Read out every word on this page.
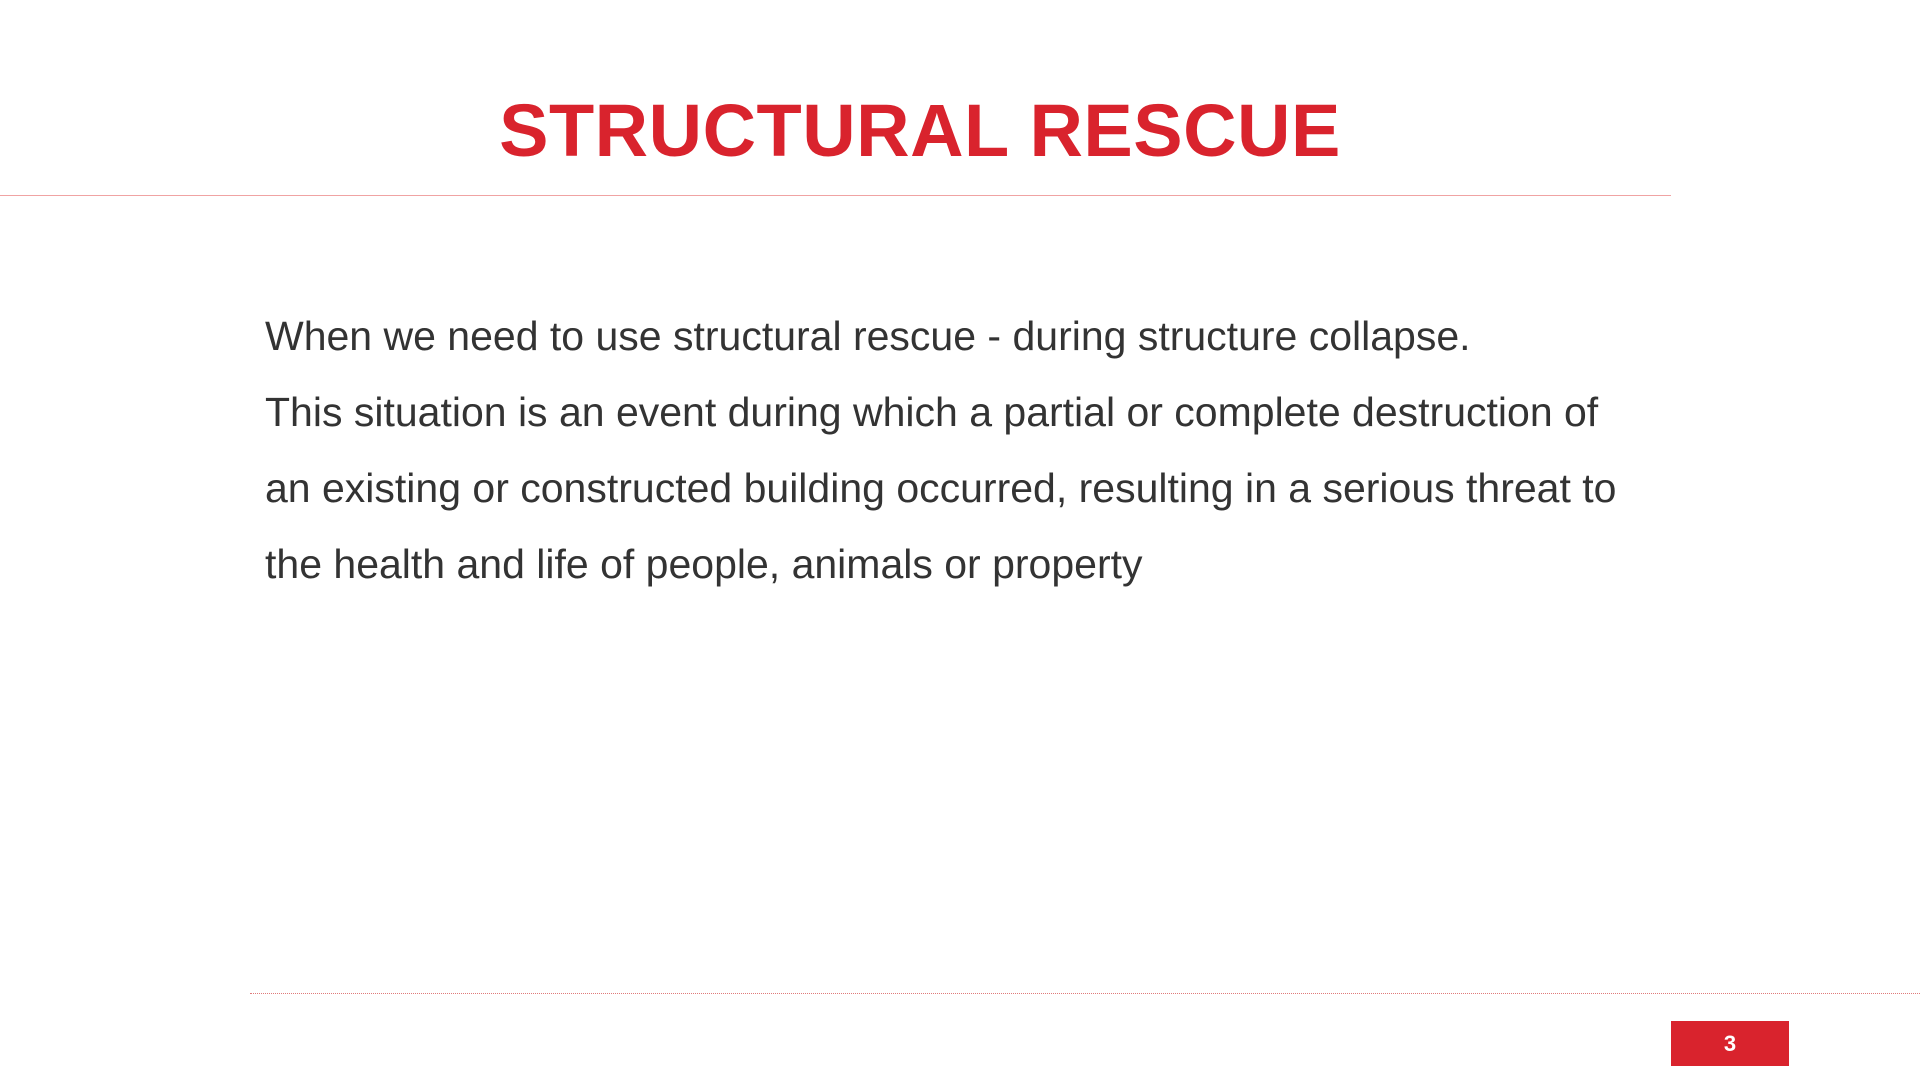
STRUCTURAL RESCUE
When we need to use structural rescue - during structure collapse.
This situation is an event during which a partial or complete destruction of
an existing or constructed building occurred, resulting in a serious threat to
the health and life of people, animals or property
3
